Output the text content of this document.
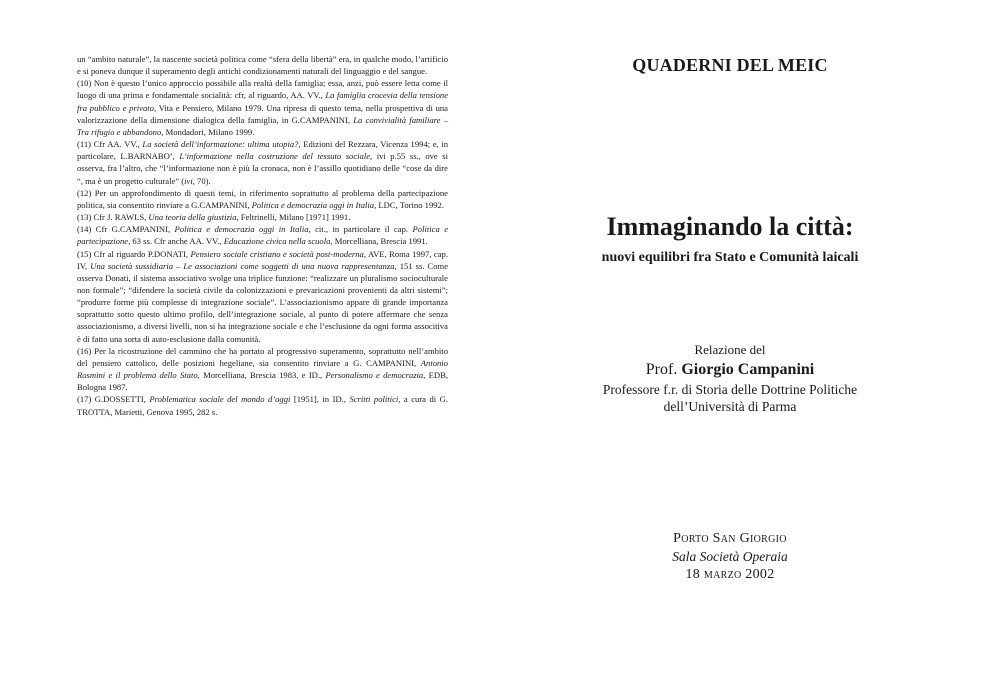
un “ambito naturale”, la nascente società politica come “sfera della libertà” era, in qualche modo, l’artificio e si poneva dunque il superamento degli antichi condizionamenti naturali del linguaggio e del sangue.

(10) Non è questo l’unico approccio possibile alla realtà della famiglia; essa, anzi, può essere letta come il luogo di una prima e fondamentale socialità: cfr, al riguardo, AA. VV., La famiglia crocevia della tensione fra pubblico e privato, Vita e Pensiero, Milano 1979. Una ripresa di questo tema, nella prospettiva di una valorizzazione della dimensione dialogica della famiglia, in G.CAMPANINI, La convivialità familiare – Tra rifugio e abbandono, Mondadori, Milano 1999.

(11) Cfr AA. VV., La società dell’informazione: ultima utopia?, Edizioni del Rezzara, Vicenza 1994; e, in particolare, L.BARNABO’, L’informazione nella costruzione del tessuto sociale, ivi p.55 ss., ove si osserva, fra l’altro, che “l’informazione non è più la cronaca, non è l’assillo quotidiano delle “cose da dire “, ma è un progetto culturale” (ivi, 70).

(12) Per un approfondimento di questi temi, in riferimento soprattutto al problema della partecipazione politica, sia consentito rinviare a G.CAMPANINI, Politica e democrazia oggi in Italia, LDC, Torino 1992.

(13) Cfr J. RAWLS, Una teoria della giustizia, Feltrinelli, Milano [1971] 1991.

(14) Cfr G.CAMPANINI, Politica e democrazia oggi in Italia, cit., in particolare il cap. Politica e partecipazione, 63 ss. Cfr anche AA. VV., Educazione civica nella scuola, Morcelliana, Brescia 1991.

(15) Cfr al riguardo P.DONATI, Pensiero sociale cristiano e società post-moderna, AVE, Roma 1997, cap. IV, Una società sussidiaria – Le associazioni come soggetti di una nuova rappresentanza, 151 ss. Come osserva Donati, il sistema associativo svolge una triplice funzione: “realizzare un pluralismo socioculturale non formale”; “difendere la società civile da colonizzazioni e prevaricazioni provenienti da altri sistemi”; “produrre forme più complesse di integrazione sociale”. L’associazionismo appare di grande importanza soprattutto sotto questo ultimo profilo, dell’integrazione sociale, al punto di potere affermare che senza associazionismo, a diversi livelli, non si ha integrazione sociale e che l’esclusione da ogni forma associtiva è di fatto una sorta di auto-esclusione dalla comunità.

(16) Per la ricostruzione del cammino che ha portato al progressivo superamento, soprattutto nell’ambito del pensiero cattolico, delle posizioni hegeliane, sia consentito rinviare a G. CAMPANINI, Antonio Rosmini e il problema dello Stato, Morcelliana, Brescia 1983, e ID., Personalismo e democrazia, EDB, Bologna 1987.

(17) G.DOSSETTI, Problematica sociale del mondo d’oggi [1951], in ID., Scritti politici, a cura di G. TROTTA, Marietti, Genova 1995, 282 s.

QUADERNI DEL MEIC
Immaginando la città:
nuovi equilibri fra Stato e Comunità laicali
Relazione del
Prof. Giorgio Campanini
Professore f.r. di Storia delle Dottrine Politiche
dell’Università di Parma
Porto San Giorgio
Sala Società Operaia
18 marzo 2002
